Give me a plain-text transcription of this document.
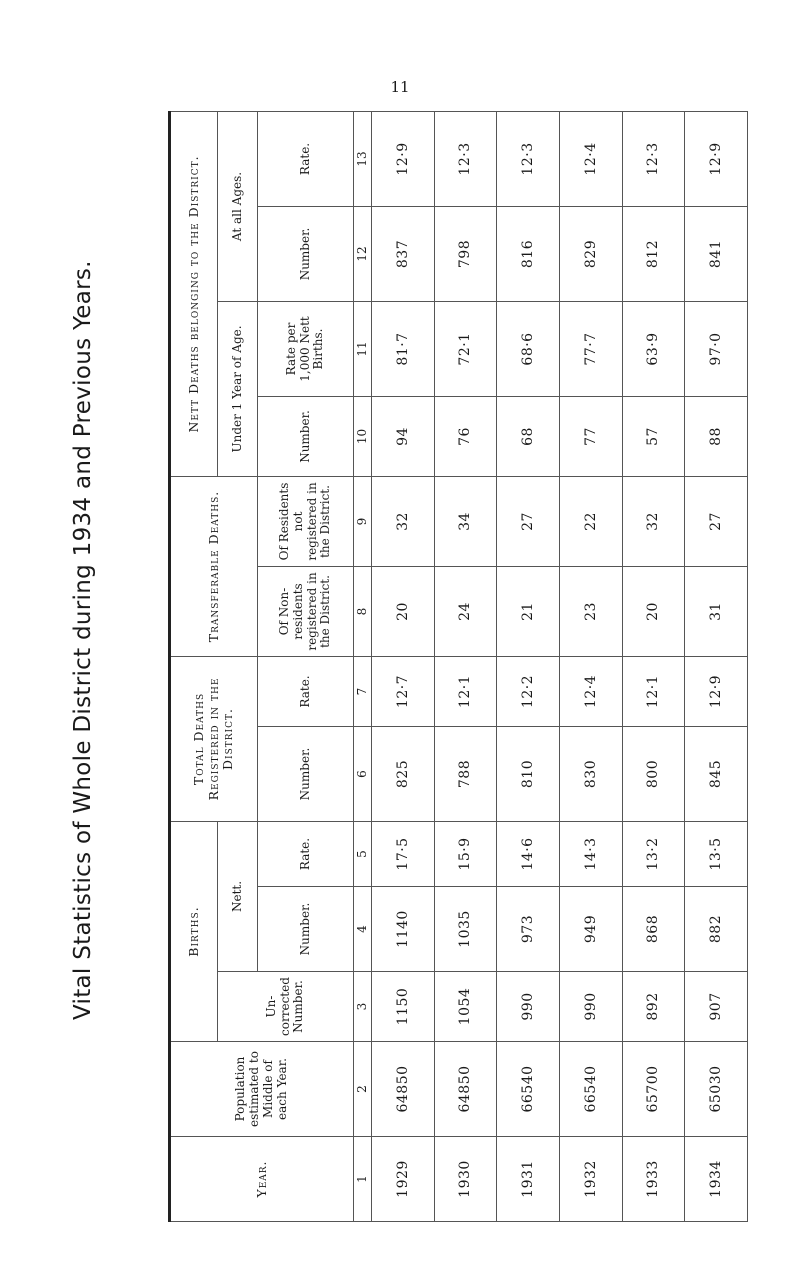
11
Vital Statistics of Whole District during 1934 and Previous Years.
Year.	Population estimated to Middle of each Year.	Births.			Total Deaths Registered in the District.		Transferable Deaths.		Nett Deaths belonging to the District.			
		Un-corrected Number.	Nett.						Under 1 Year of Age.		At all Ages.	
			Number.	Rate.	Number.	Rate.	Of Non-residents registered in the District.	Of Residents not registered in the District.	Number.	Rate per 1,000 Nett Births.	Number.	Rate.
1	2	3	4	5	6	7	8	9	10	11	12	13
1929	64850	1150	1140	17·5	825	12·7	20	32	94	81·7	837	12·9
1930	64850	1054	1035	15·9	788	12·1	24	34	76	72·1	798	12·3
1931	66540	990	973	14·6	810	12·2	21	27	68	68·6	816	12·3
1932	66540	990	949	14·3	830	12·4	23	22	77	77·7	829	12·4
1933	65700	892	868	13·2	800	12·1	20	32	57	63·9	812	12·3
1934	65030	907	882	13·5	845	12·9	31	27	88	97·0	841	12·9
